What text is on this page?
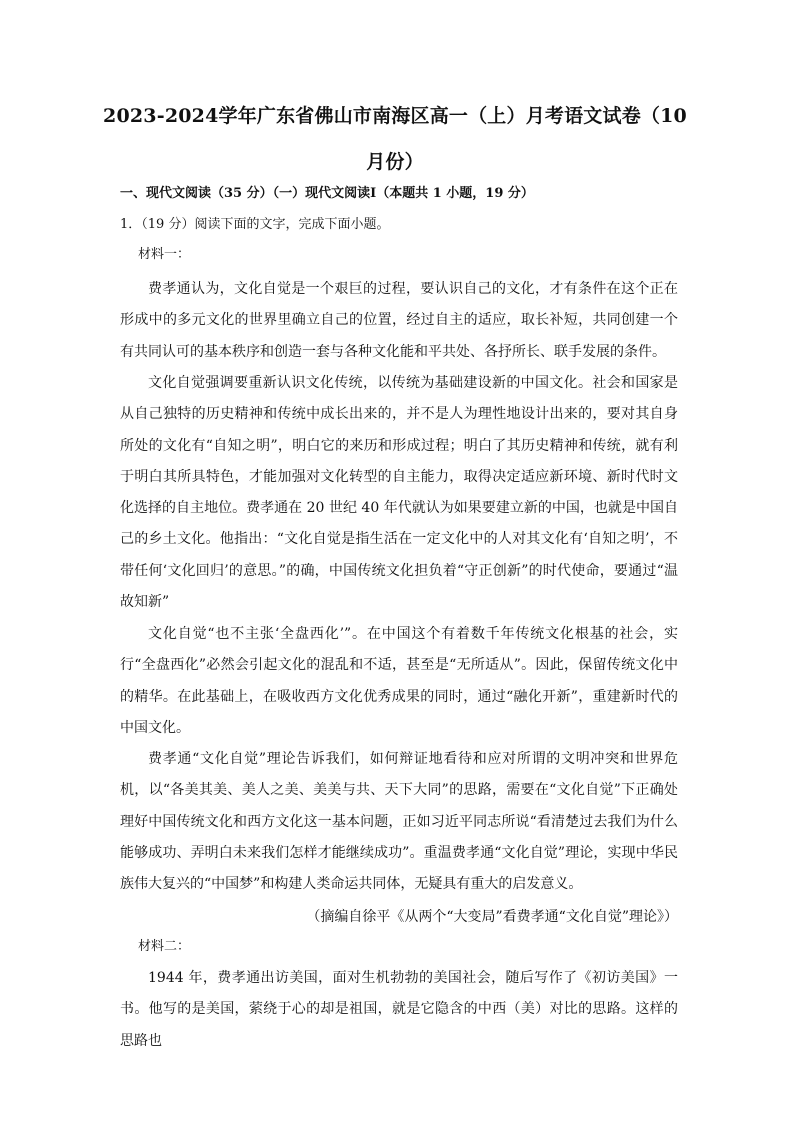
2023-2024学年广东省佛山市南海区高一（上）月考语文试卷（10月份）
一、现代文阅读（35 分）（一）现代文阅读Ⅰ（本题共 1 小题，19 分）
1．（19 分）阅读下面的文字，完成下面小题。
材料一：

费孝通认为，文化自觉是一个艰巨的过程，要认识自己的文化，才有条件在这个正在形成中的多元文化的世界里确立自己的位置，经过自主的适应，取长补短，共同创建一个有共同认可的基本秩序和创造一套与各种文化能和平共处、各抒所长、联手发展的条件。

文化自觉强调要重新认识文化传统，以传统为基础建设新的中国文化。社会和国家是从自己独特的历史精神和传统中成长出来的，并不是人为理性地设计出来的，要对其自身所处的文化有“自知之明”，明白它的来历和形成过程；明白了其历史精神和传统，就有利于明白其所具特色，才能加强对文化转型的自主能力，取得决定适应新环境、新时代时文化选择的自主地位。费孝通在 20 世纪 40 年代就认为如果要建立新的中国，也就是中国自己的乡土文化。他指出：“文化自觉是指生活在一定文化中的人对其文化有‘自知之明’，不带任何‘文化回归’的意思。”的确，中国传统文化担负着“守正创新”的时代使命，要通过“温故知新”

文化自觉“也不主张‘全盘西化’”。在中国这个有着数千年传统文化根基的社会，实行“全盘西化”必然会引起文化的混乱和不适，甚至是“无所适从”。因此，保留传统文化中的精华。在此基础上，在吸收西方文化优秀成果的同时，通过“融化开新”，重建新时代的中国文化。

费孝通“文化自觉”理论告诉我们，如何辩证地看待和应对所谓的文明冲突和世界危机，以“各美其美、美人之美、美美与共、天下大同”的思路，需要在“文化自觉”下正确处理好中国传统文化和西方文化这一基本问题，正如习近平同志所说“看清楚过去我们为什么能够成功、弄明白未来我们怎样才能继续成功”。重温费孝通“文化自觉”理论，实现中华民族伟大复兴的“中国梦”和构建人类命运共同体，无疑具有重大的启发意义。

（摘编自徐平《从两个“大变局”看费孝通“文化自觉”理论》）
材料二：

1944 年，费孝通出访美国，面对生机勃勃的美国社会，随后写作了《初访美国》一书。他写的是美国，萦绕于心的却是祖国，就是它隐含的中西（美）对比的思路。这样的思路也
